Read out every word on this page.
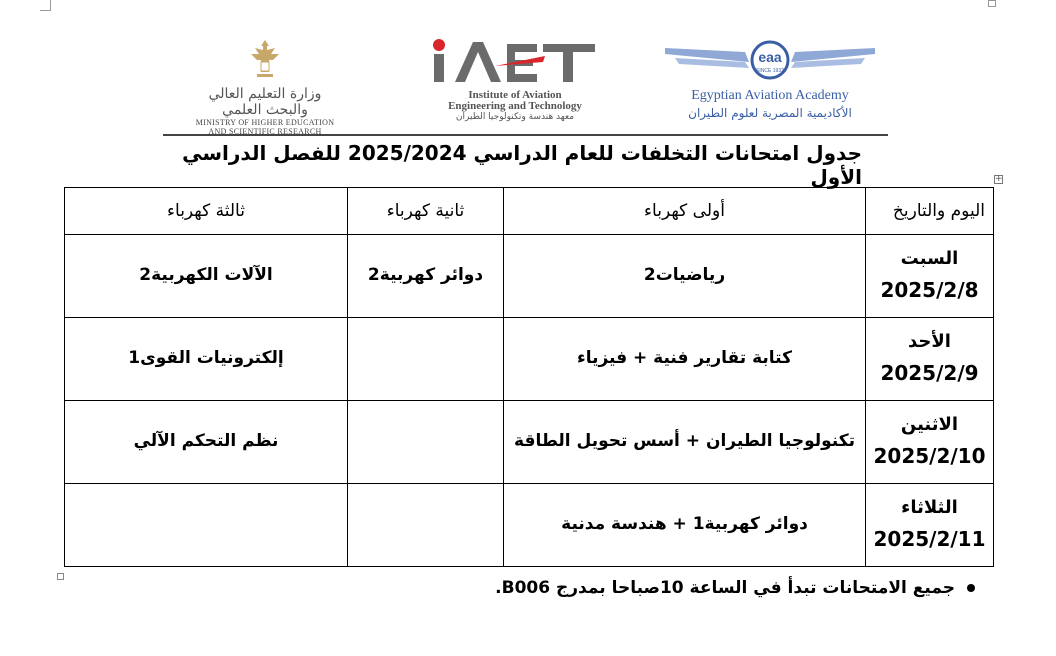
وزارة التعليم العالي والبحث العلمي
MINISTRY OF HIGHER EDUCATION
AND SCIENTIFIC RESEARCH
Institute of Aviation
Engineering and Technology
معهد هندسة وتكنولوجيا الطيران
eaa
SINCE 1932
Egyptian Aviation Academy
الأكاديمية المصرية لعلوم الطيران
جدول امتحانات التخلفات للعام الدراسي 2025/2024 للفصل الدراسي الأول	+
اليوم والتاريخ	أولى كهرباء	ثانية كهرباء	ثالثة كهرباء

السبت
2025/2/8	رياضيات2	دوائر كهربية2	الآلات الكهربية2

الأحد
2025/2/9	كتابة تقارير فنية + فيزياء		إلكترونيات القوى1

الاثنين
2025/2/10	تكنولوجيا الطيران + أسس تحويل الطاقة		نظم التحكم الآلي

الثلاثاء
2025/2/11	دوائر كهربية1 + هندسة مدنية		
جميع الامتحانات تبدأ في الساعة 10صباحا بمدرج B006.
